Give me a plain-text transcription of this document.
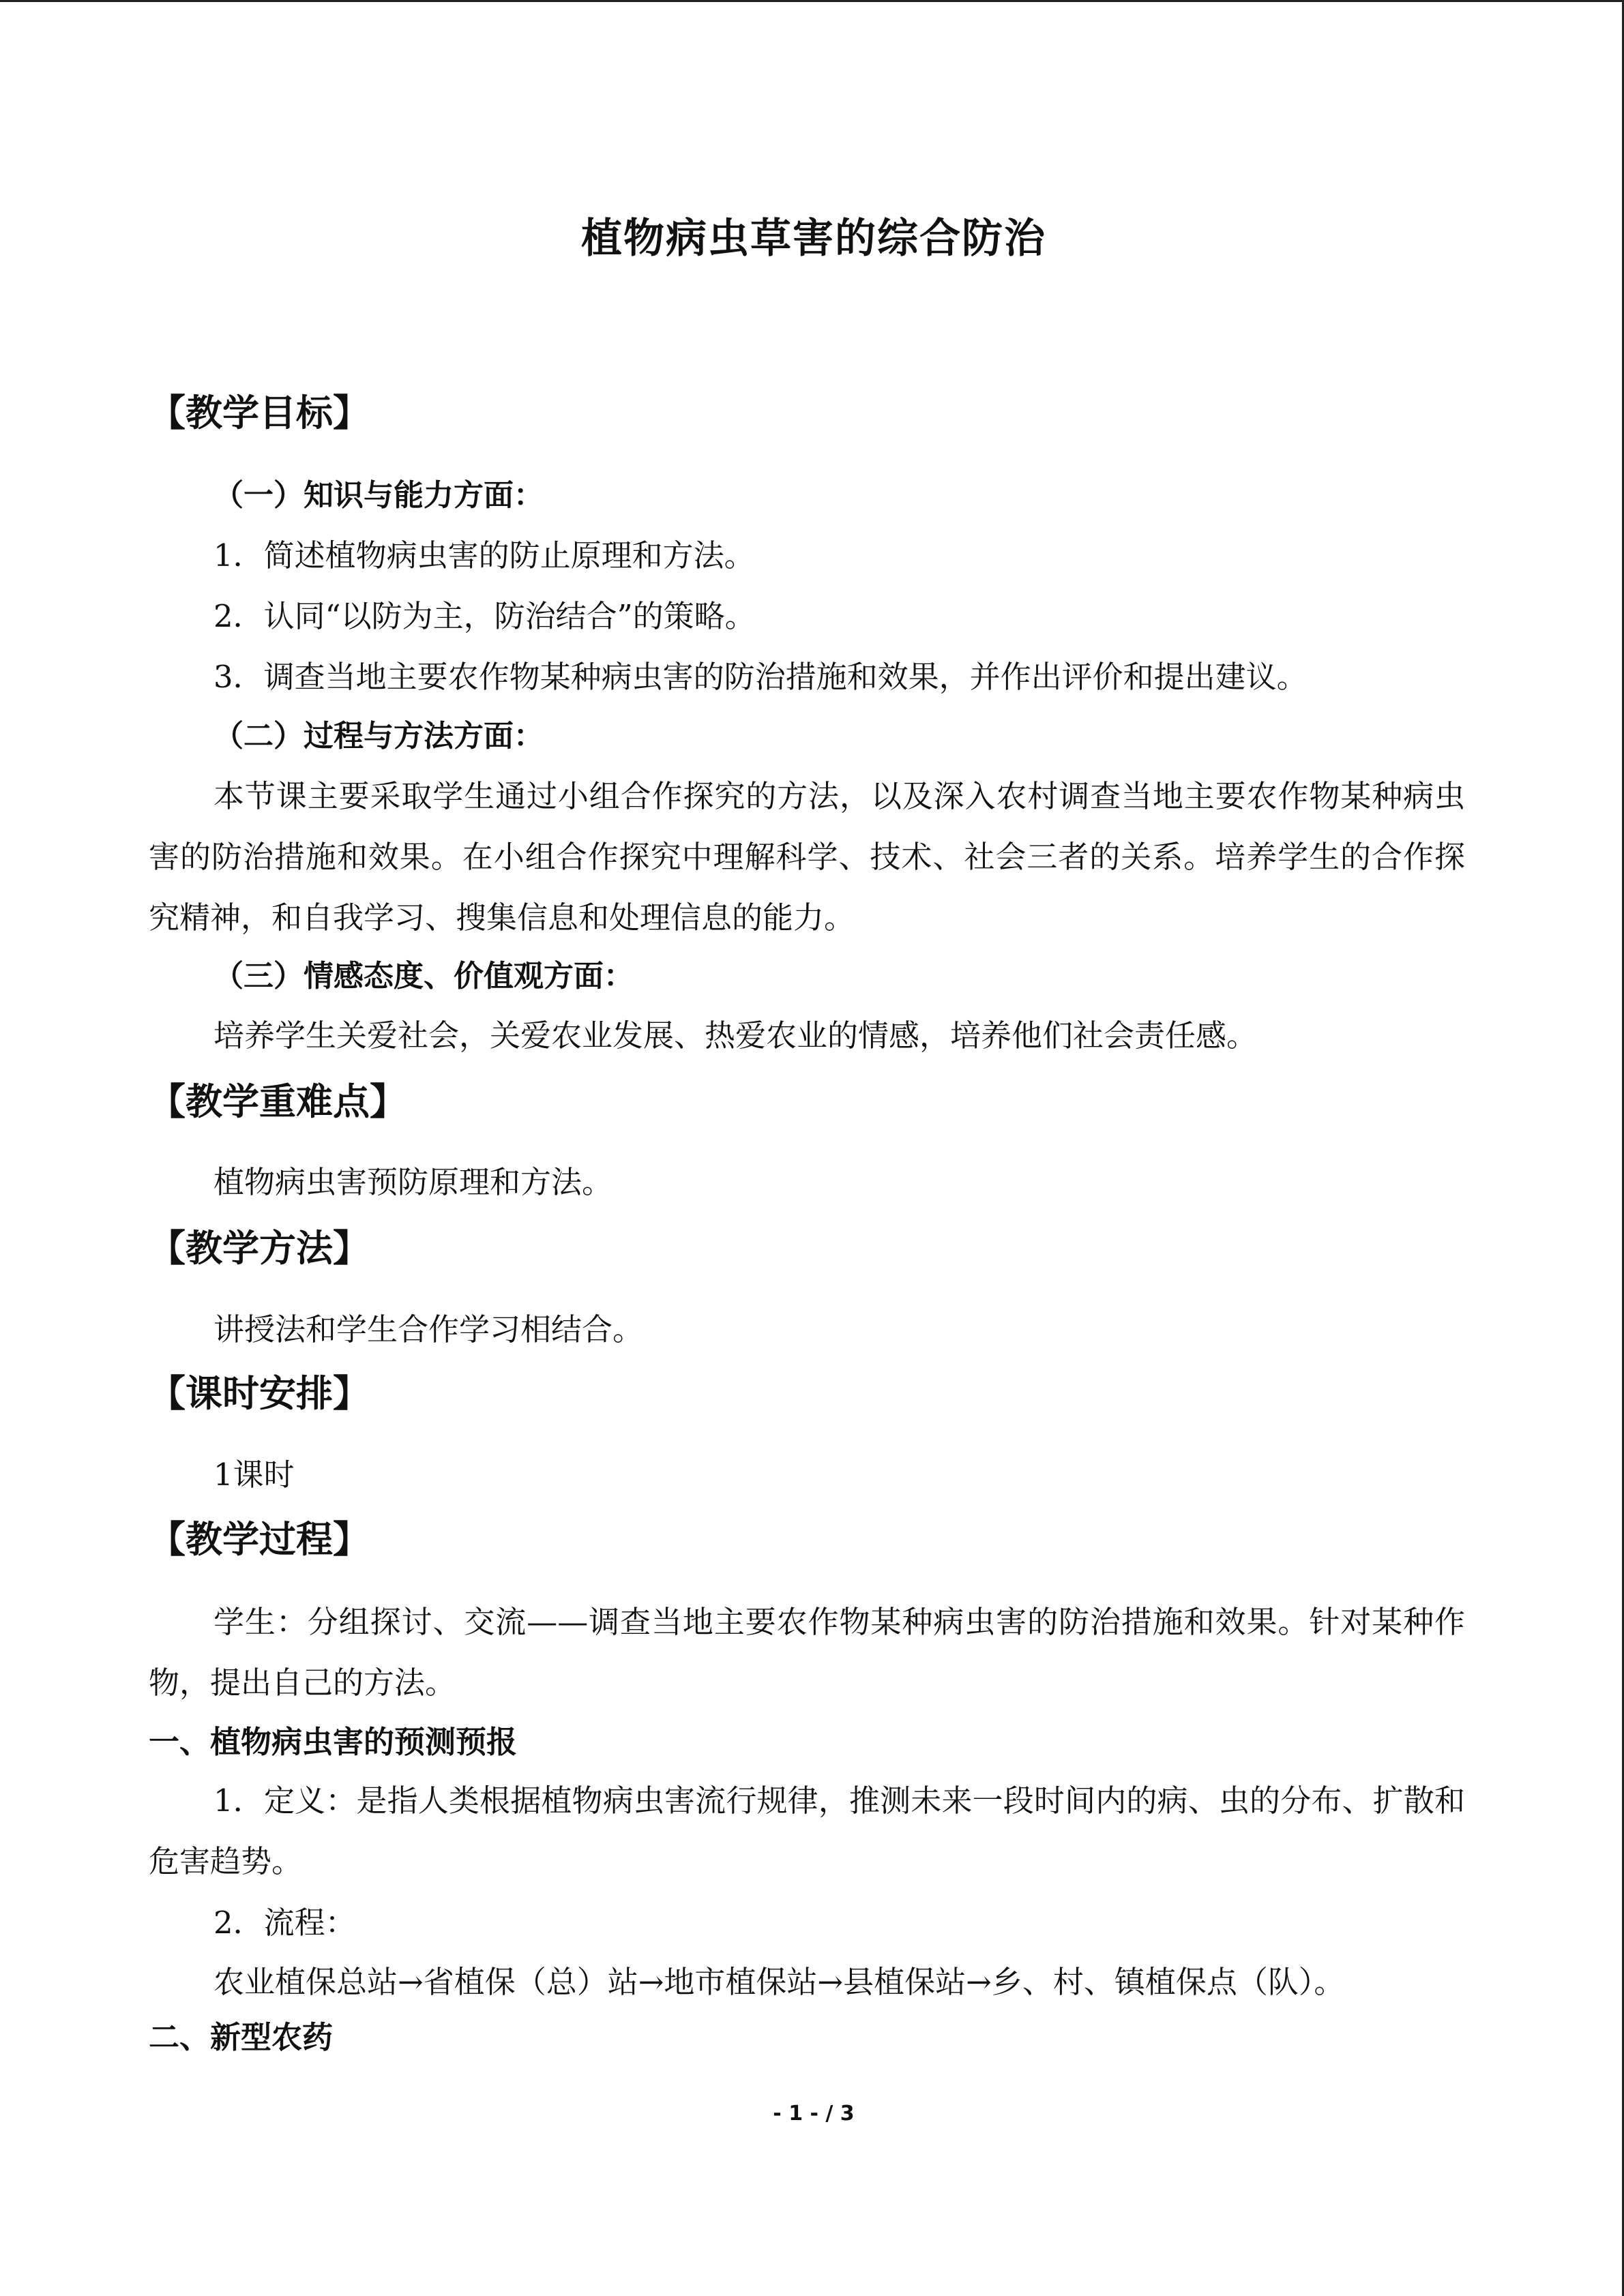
植物病虫草害的综合防治
【教学目标】
（一）知识与能力方面：
1．简述植物病虫害的防止原理和方法。
2．认同“以防为主，防治结合”的策略。
3．调查当地主要农作物某种病虫害的防治措施和效果，并作出评价和提出建议。
（二）过程与方法方面：
本节课主要采取学生通过小组合作探究的方法，以及深入农村调查当地主要农作物某种病虫害的防治措施和效果。在小组合作探究中理解科学、技术、社会三者的关系。培养学生的合作探究精神，和自我学习、搜集信息和处理信息的能力。
（三）情感态度、价值观方面：
培养学生关爱社会，关爱农业发展、热爱农业的情感，培养他们社会责任感。
【教学重难点】
植物病虫害预防原理和方法。
【教学方法】
讲授法和学生合作学习相结合。
【课时安排】
1课时
【教学过程】
学生：分组探讨、交流——调查当地主要农作物某种病虫害的防治措施和效果。针对某种作物，提出自己的方法。
一、植物病虫害的预测预报
1．定义：是指人类根据植物病虫害流行规律，推测未来一段时间内的病、虫的分布、扩散和危害趋势。
2．流程：
农业植保总站→省植保（总）站→地市植保站→县植保站→乡、村、镇植保点（队）。
二、新型农药
- 1 - / 3
